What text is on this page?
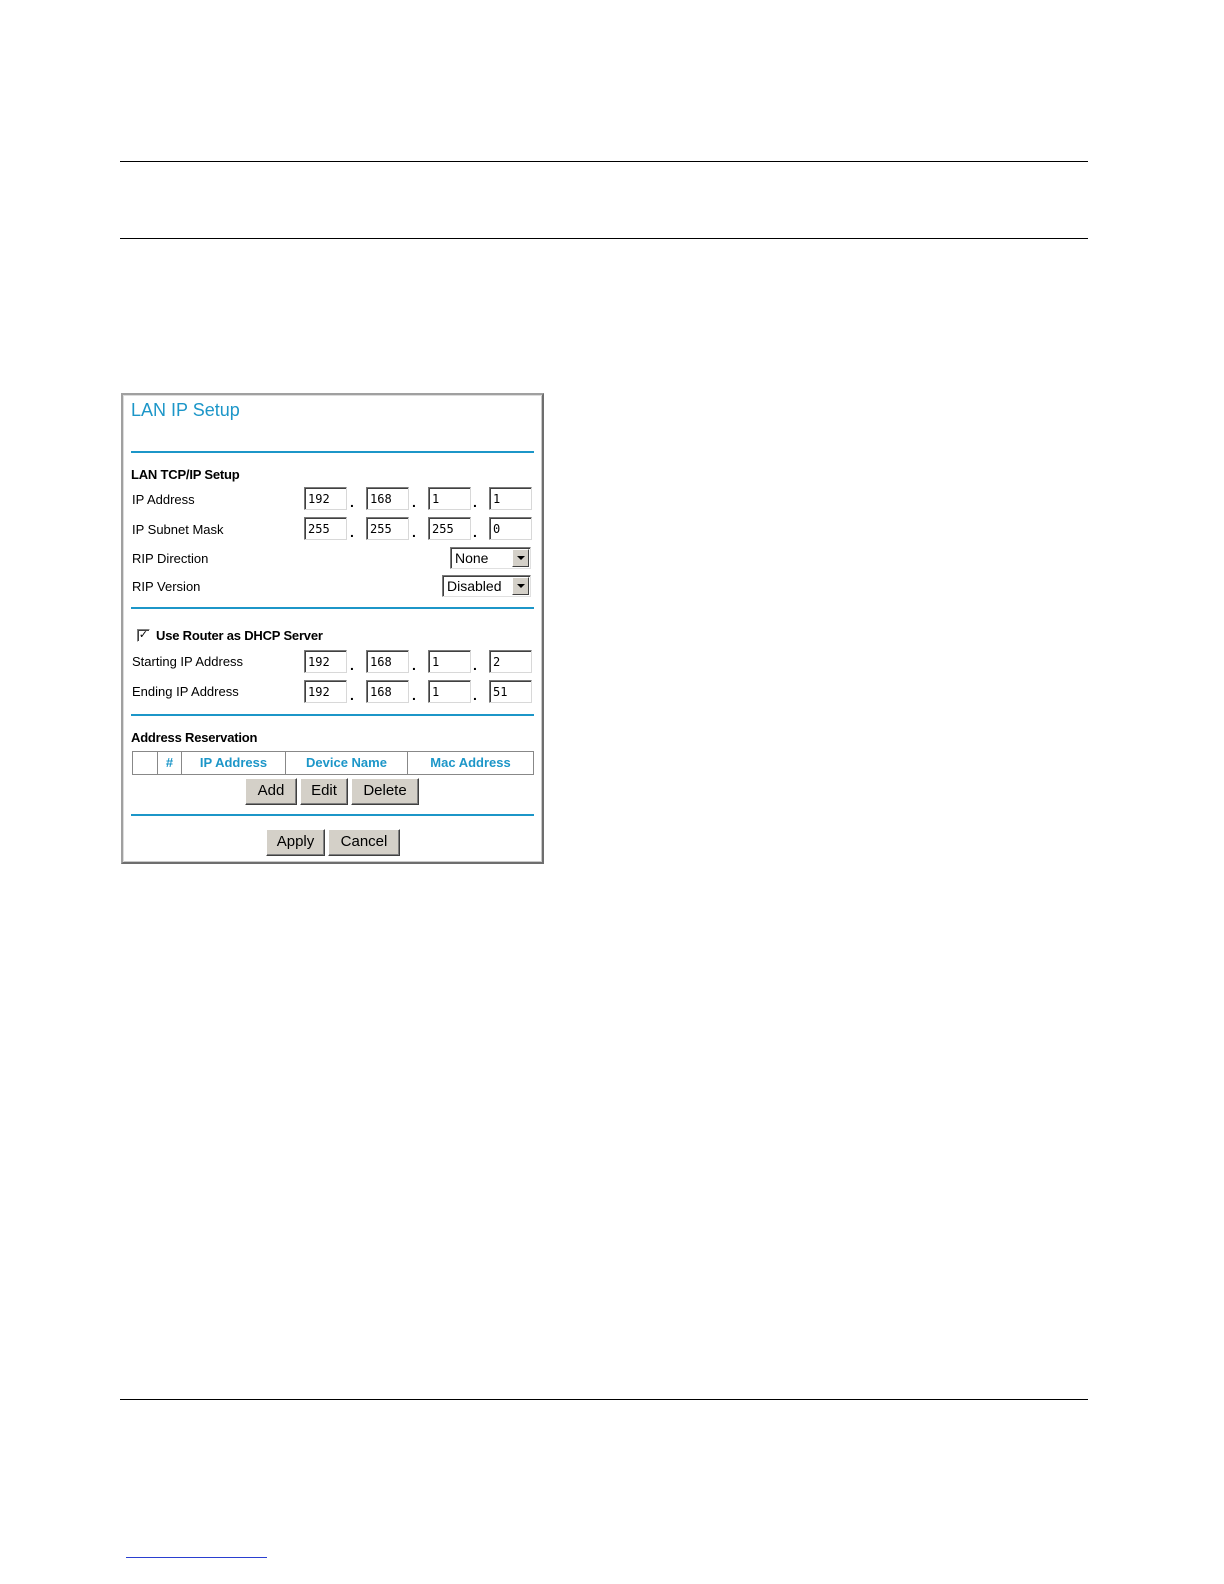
LAN IP Setup
LAN TCP/IP Setup
IP Address	192	.	168	.	1	.	1
IP Subnet Mask	255	.	255	.	255	.	0
RIP Direction	None
RIP Version	Disabled
✓ Use Router as DHCP Server
Starting IP Address	192	.	168	.	1	.	2
Ending IP Address	192	.	168	.	1	.	51
Address Reservation
#	IP Address	Device Name	Mac Address
Add	Edit	Delete
Apply	Cancel
